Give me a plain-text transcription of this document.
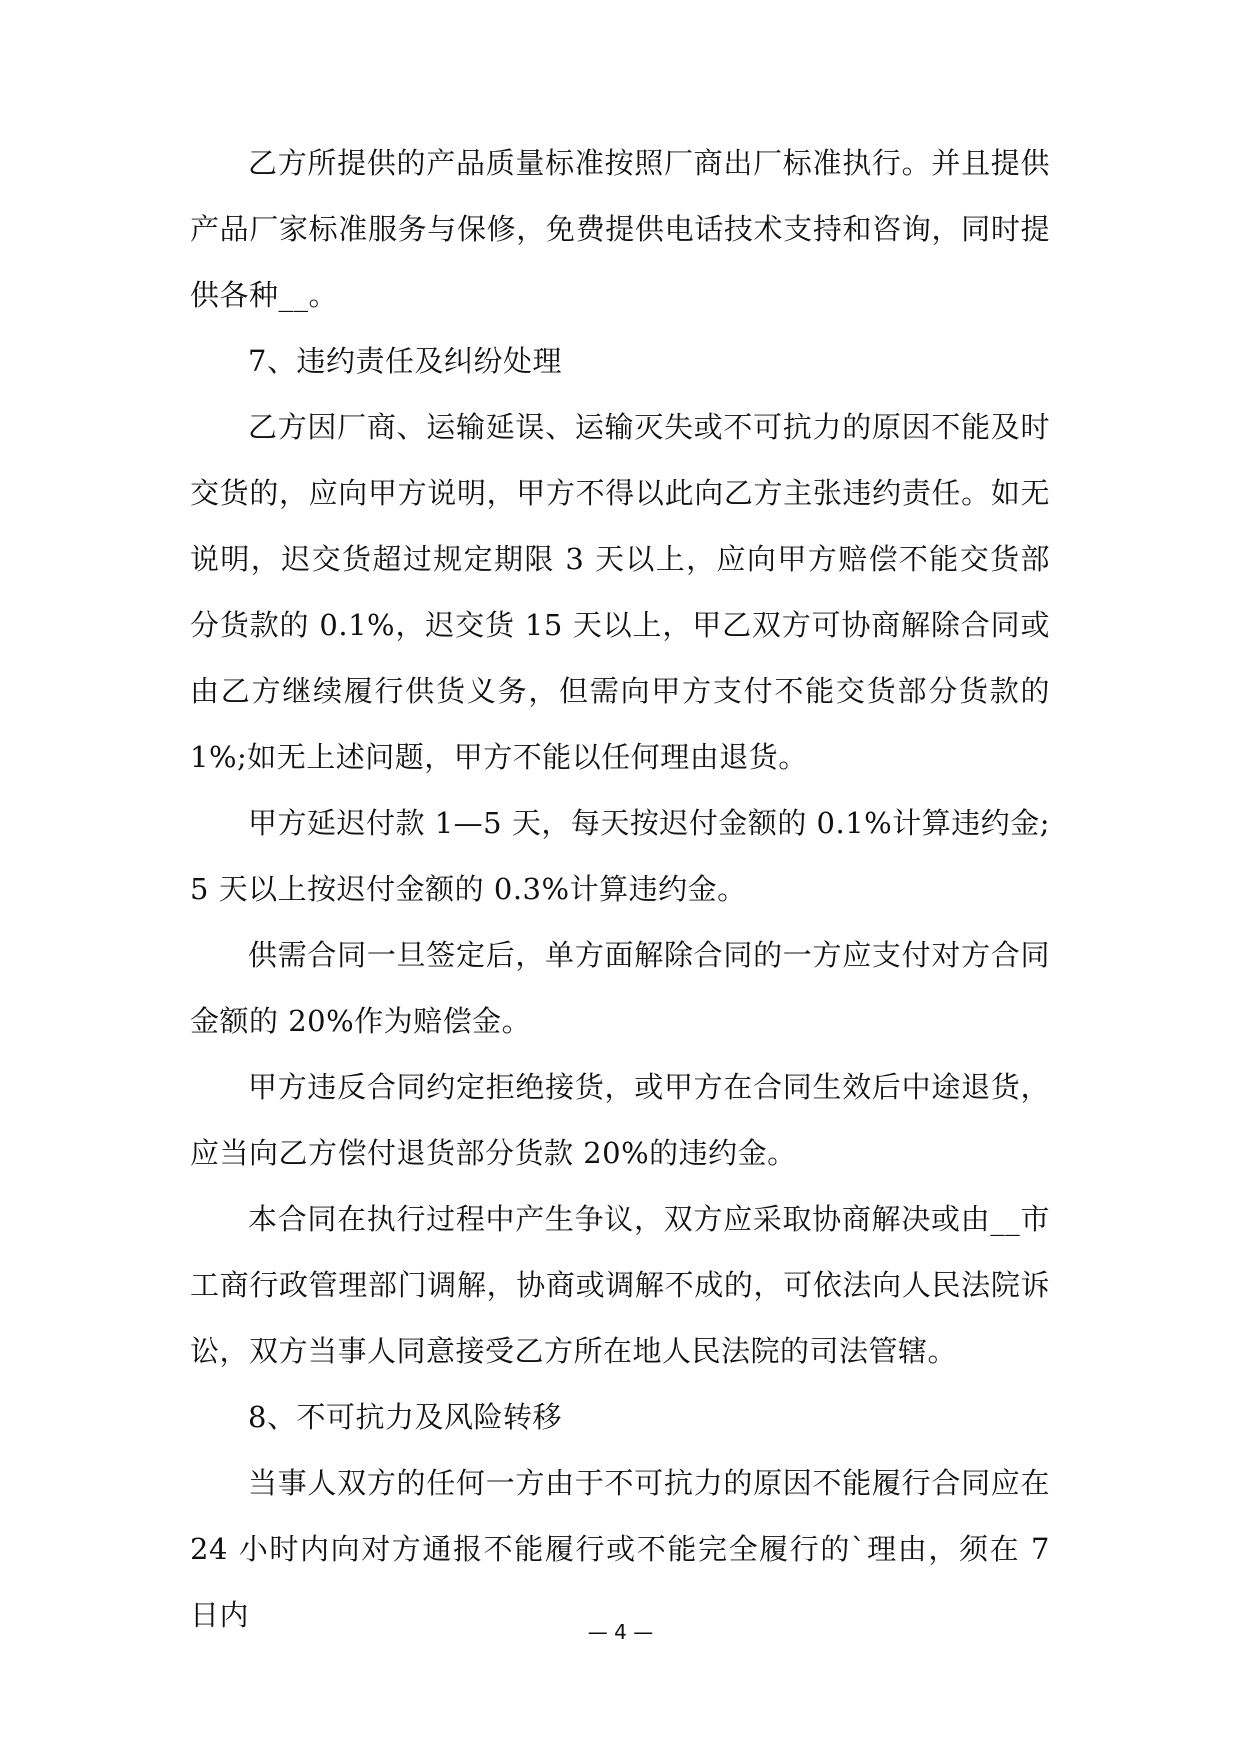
乙方所提供的产品质量标准按照厂商出厂标准执行。并且提供产品厂家标准服务与保修，免费提供电话技术支持和咨询，同时提供各种__。

7、违约责任及纠纷处理

乙方因厂商、运输延误、运输灭失或不可抗力的原因不能及时交货的，应向甲方说明，甲方不得以此向乙方主张违约责任。如无说明，迟交货超过规定期限 3 天以上，应向甲方赔偿不能交货部分货款的 0.1%，迟交货 15 天以上，甲乙双方可协商解除合同或由乙方继续履行供货义务，但需向甲方支付不能交货部分货款的 1%;如无上述问题，甲方不能以任何理由退货。

甲方延迟付款 1—5 天，每天按迟付金额的 0.1%计算违约金;5 天以上按迟付金额的 0.3%计算违约金。

供需合同一旦签定后，单方面解除合同的一方应支付对方合同金额的 20%作为赔偿金。

甲方违反合同约定拒绝接货，或甲方在合同生效后中途退货，应当向乙方偿付退货部分货款 20%的违约金。

本合同在执行过程中产生争议，双方应采取协商解决或由__市工商行政管理部门调解，协商或调解不成的，可依法向人民法院诉讼，双方当事人同意接受乙方所在地人民法院的司法管辖。

8、不可抗力及风险转移

当事人双方的任何一方由于不可抗力的原因不能履行合同应在 24 小时内向对方通报不能履行或不能完全履行的`理由，须在 7 日内	— 4 —
